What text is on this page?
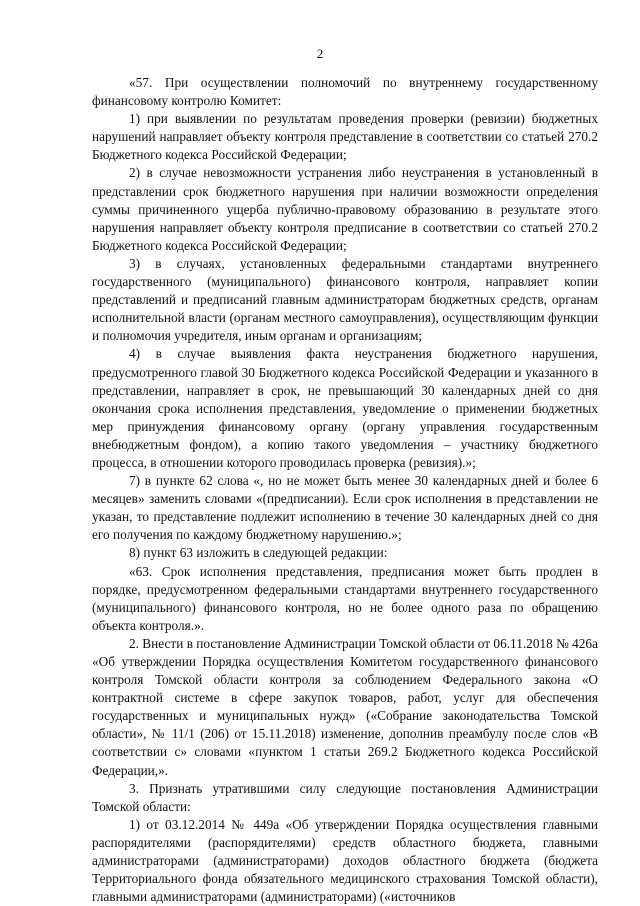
2

«57. При осуществлении полномочий по внутреннему государственному финансовому контролю Комитет:

1) при выявлении по результатам проведения проверки (ревизии) бюджетных нарушений направляет объекту контроля представление в соответствии со статьей 270.2 Бюджетного кодекса Российской Федерации;

2) в случае невозможности устранения либо неустранения в установленный в представлении срок бюджетного нарушения при наличии возможности определения суммы причиненного ущерба публично-правовому образованию в результате этого нарушения направляет объекту контроля предписание в соответствии со статьей 270.2 Бюджетного кодекса Российской Федерации;

3) в случаях, установленных федеральными стандартами внутреннего государственного (муниципального) финансового контроля, направляет копии представлений и предписаний главным администраторам бюджетных средств, органам исполнительной власти (органам местного самоуправления), осуществляющим функции и полномочия учредителя, иным органам и организациям;

4) в случае выявления факта неустранения бюджетного нарушения, предусмотренного главой 30 Бюджетного кодекса Российской Федерации и указанного в представлении, направляет в срок, не превышающий 30 календарных дней со дня окончания срока исполнения представления, уведомление о применении бюджетных мер принуждения финансовому органу (органу управления государственным внебюджетным фондом), а копию такого уведомления – участнику бюджетного процесса, в отношении которого проводилась проверка (ревизия).»;

7) в пункте 62 слова «, но не может быть менее 30 календарных дней и более 6 месяцев» заменить словами «(предписании). Если срок исполнения в представлении не указан, то представление подлежит исполнению в течение 30 календарных дней со дня его получения по каждому бюджетному нарушению.»;

8) пункт 63 изложить в следующей редакции:

«63. Срок исполнения представления, предписания может быть продлен в порядке, предусмотренном федеральными стандартами внутреннего государственного (муниципального) финансового контроля, но не более одного раза по обращению объекта контроля.».

2. Внести в постановление Администрации Томской области от 06.11.2018 № 426а «Об утверждении Порядка осуществления Комитетом государственного финансового контроля Томской области контроля за соблюдением Федерального закона «О контрактной системе в сфере закупок товаров, работ, услуг для обеспечения государственных и муниципальных нужд» («Собрание законодательства Томской области», № 11/1 (206) от 15.11.2018) изменение, дополнив преамбулу после слов «В соответствии с» словами «пунктом 1 статьи 269.2 Бюджетного кодекса Российской Федерации,».

3. Признать утратившими силу следующие постановления Администрации Томской области:

1) от 03.12.2014 № 449а «Об утверждении Порядка осуществления главными распорядителями (распорядителями) средств областного бюджета, главными администраторами (администраторами) доходов областного бюджета (бюджета Территориального фонда обязательного медицинского страхования Томской области), главными администраторами (администраторами) («источников
